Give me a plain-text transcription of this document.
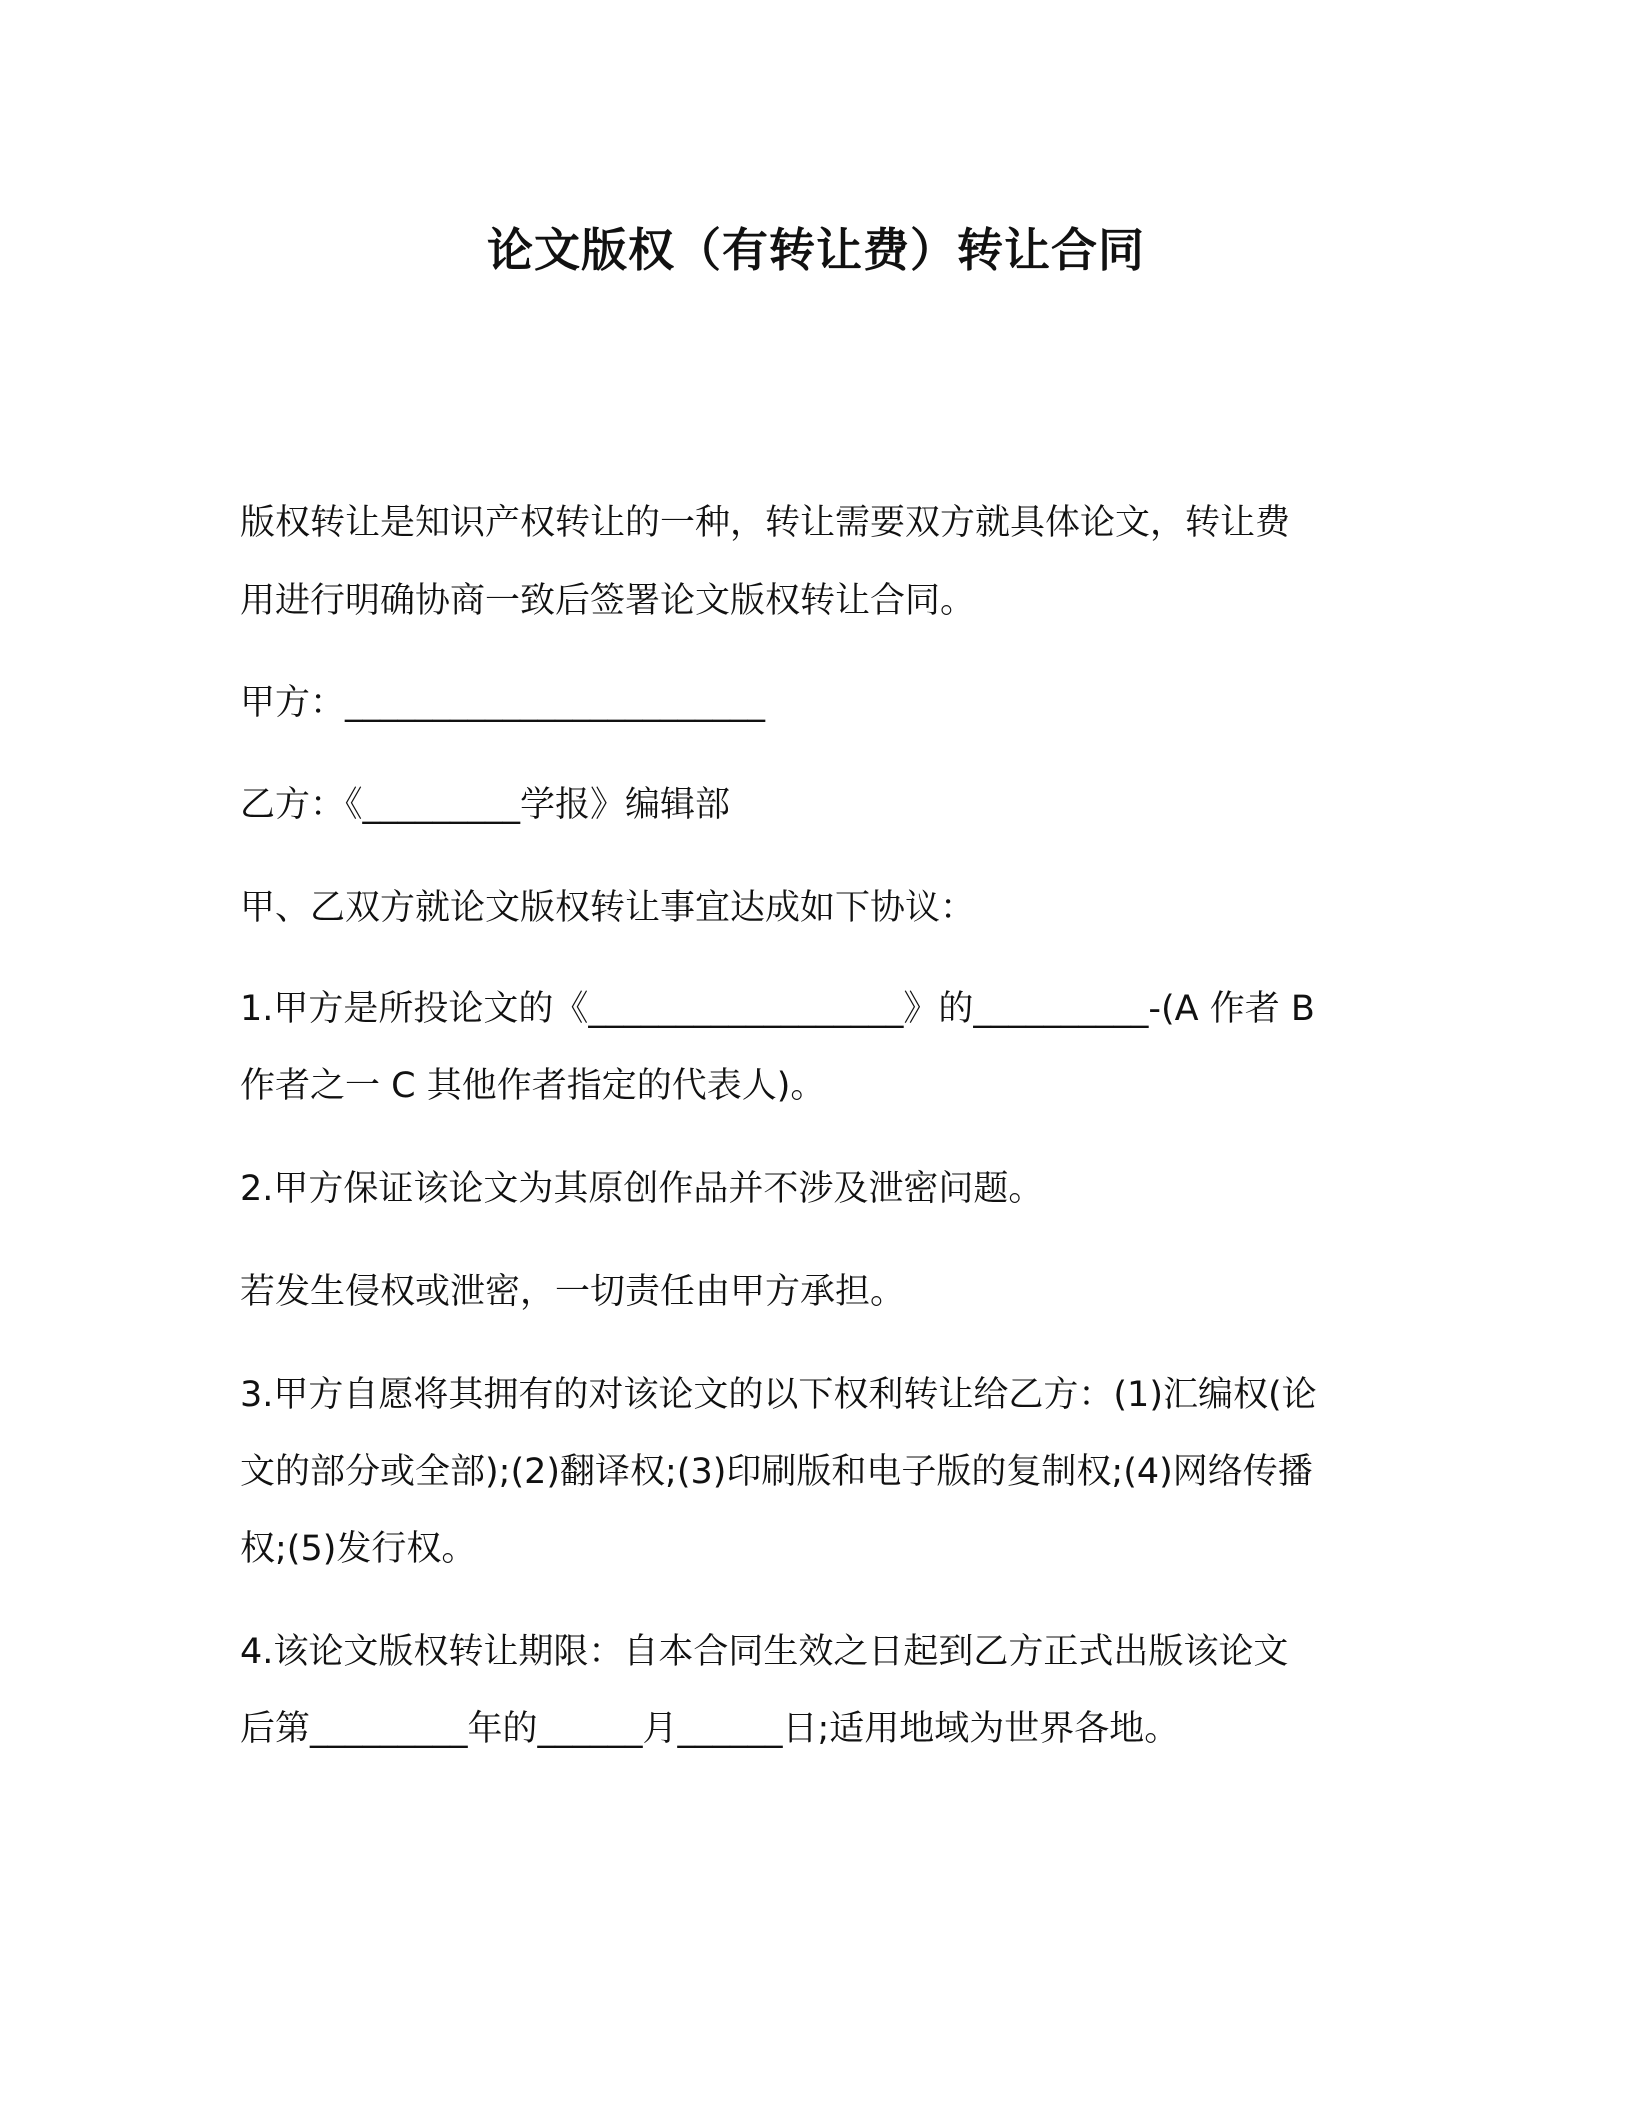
论文版权（有转让费）转让合同

版权转让是知识产权转让的一种，转让需要双方就具体论文，转让费

用进行明确协商一致后签署论文版权转让合同。

甲方：________________________

乙方：《_________学报》编辑部

甲、乙双方就论文版权转让事宜达成如下协议：

1.甲方是所投论文的《__________________》的__________-(A 作者 B

作者之一 C 其他作者指定的代表人)。

2.甲方保证该论文为其原创作品并不涉及泄密问题。

若发生侵权或泄密，一切责任由甲方承担。

3.甲方自愿将其拥有的对该论文的以下权利转让给乙方：(1)汇编权(论

文的部分或全部);(2)翻译权;(3)印刷版和电子版的复制权;(4)网络传播

权;(5)发行权。

4.该论文版权转让期限：自本合同生效之日起到乙方正式出版该论文

后第_________年的______月______日;适用地域为世界各地。
